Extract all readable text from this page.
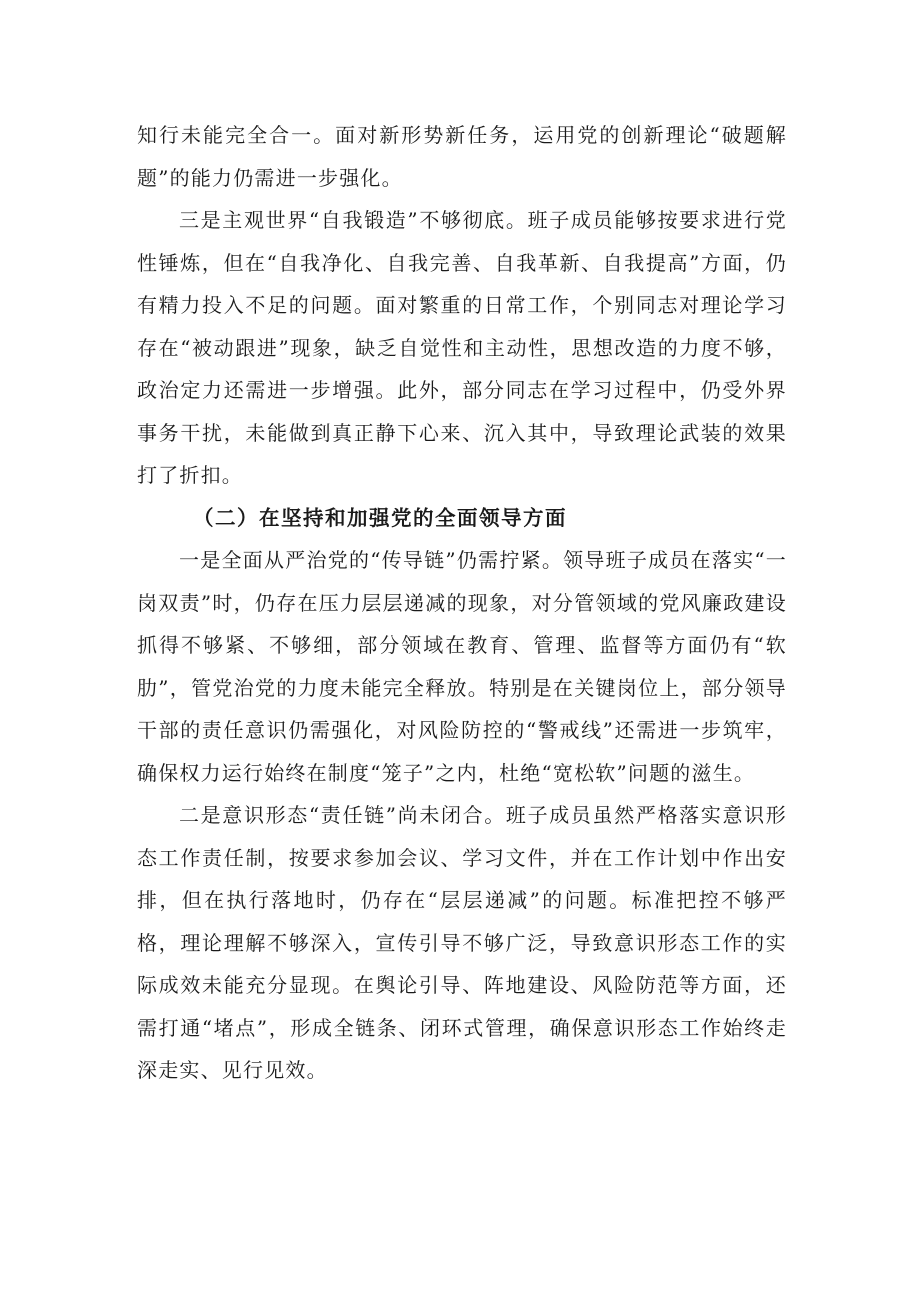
知行未能完全合一。面对新形势新任务，运用党的创新理论“破题解题”的能力仍需进一步强化。

三是主观世界“自我锻造”不够彻底。班子成员能够按要求进行党性锤炼，但在“自我净化、自我完善、自我革新、自我提高”方面，仍有精力投入不足的问题。面对繁重的日常工作，个别同志对理论学习存在“被动跟进”现象，缺乏自觉性和主动性，思想改造的力度不够，政治定力还需进一步增强。此外，部分同志在学习过程中，仍受外界事务干扰，未能做到真正静下心来、沉入其中，导致理论武装的效果打了折扣。

（二）在坚持和加强党的全面领导方面

一是全面从严治党的“传导链”仍需拧紧。领导班子成员在落实“一岗双责”时，仍存在压力层层递减的现象，对分管领域的党风廉政建设抓得不够紧、不够细，部分领域在教育、管理、监督等方面仍有“软肋”，管党治党的力度未能完全释放。特别是在关键岗位上，部分领导干部的责任意识仍需强化，对风险防控的“警戒线”还需进一步筑牢，确保权力运行始终在制度“笼子”之内，杜绝“宽松软”问题的滋生。

二是意识形态“责任链”尚未闭合。班子成员虽然严格落实意识形态工作责任制，按要求参加会议、学习文件，并在工作计划中作出安排，但在执行落地时，仍存在“层层递减”的问题。标准把控不够严格，理论理解不够深入，宣传引导不够广泛，导致意识形态工作的实际成效未能充分显现。在舆论引导、阵地建设、风险防范等方面，还需打通“堵点”，形成全链条、闭环式管理，确保意识形态工作始终走深走实、见行见效。
